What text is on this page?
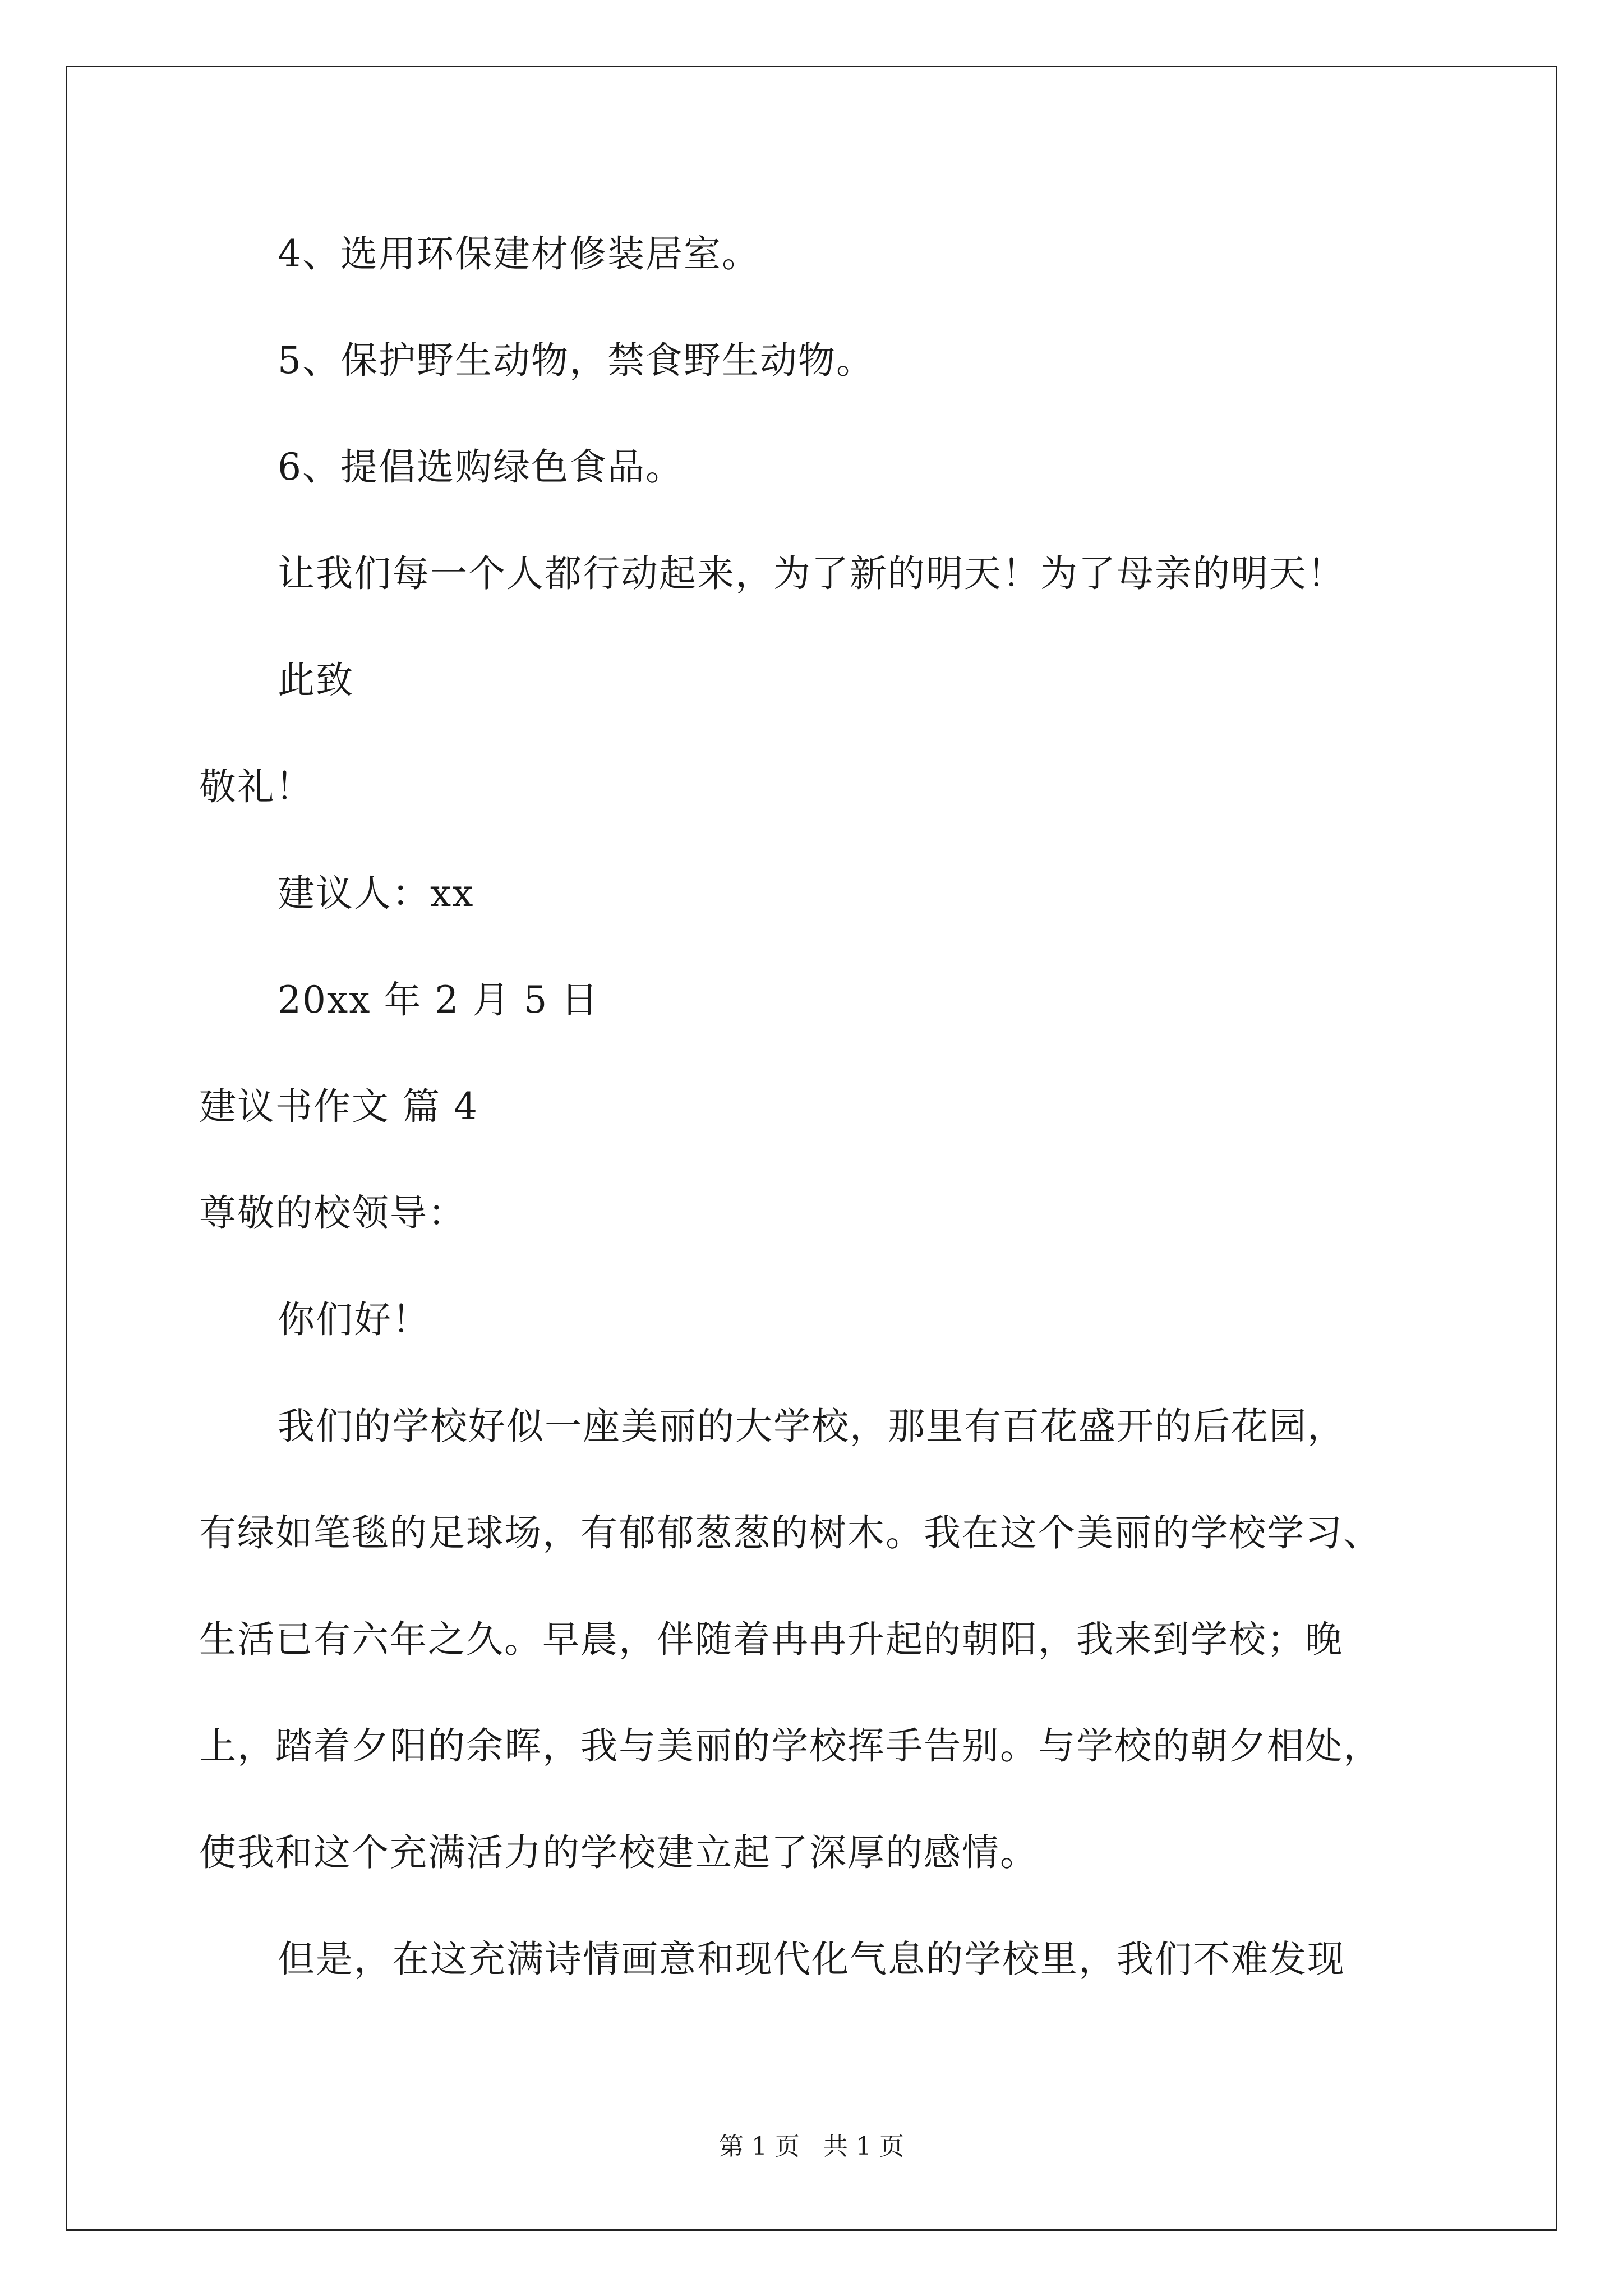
4、选用环保建材修装居室。
5、保护野生动物，禁食野生动物。
6、提倡选购绿色食品。
让我们每一个人都行动起来，为了新的明天！为了母亲的明天！
此致
敬礼！
建议人：xx
20xx 年 2 月 5 日
建议书作文 篇 4
尊敬的校领导：
你们好！
我们的学校好似一座美丽的大学校，那里有百花盛开的后花园，
有绿如笔毯的足球场，有郁郁葱葱的树木。我在这个美丽的学校学习、
生活已有六年之久。早晨，伴随着冉冉升起的朝阳，我来到学校；晚
上，踏着夕阳的余晖，我与美丽的学校挥手告别。与学校的朝夕相处，
使我和这个充满活力的学校建立起了深厚的感情。
但是，在这充满诗情画意和现代化气息的学校里，我们不难发现
第 1 页   共 1 页
